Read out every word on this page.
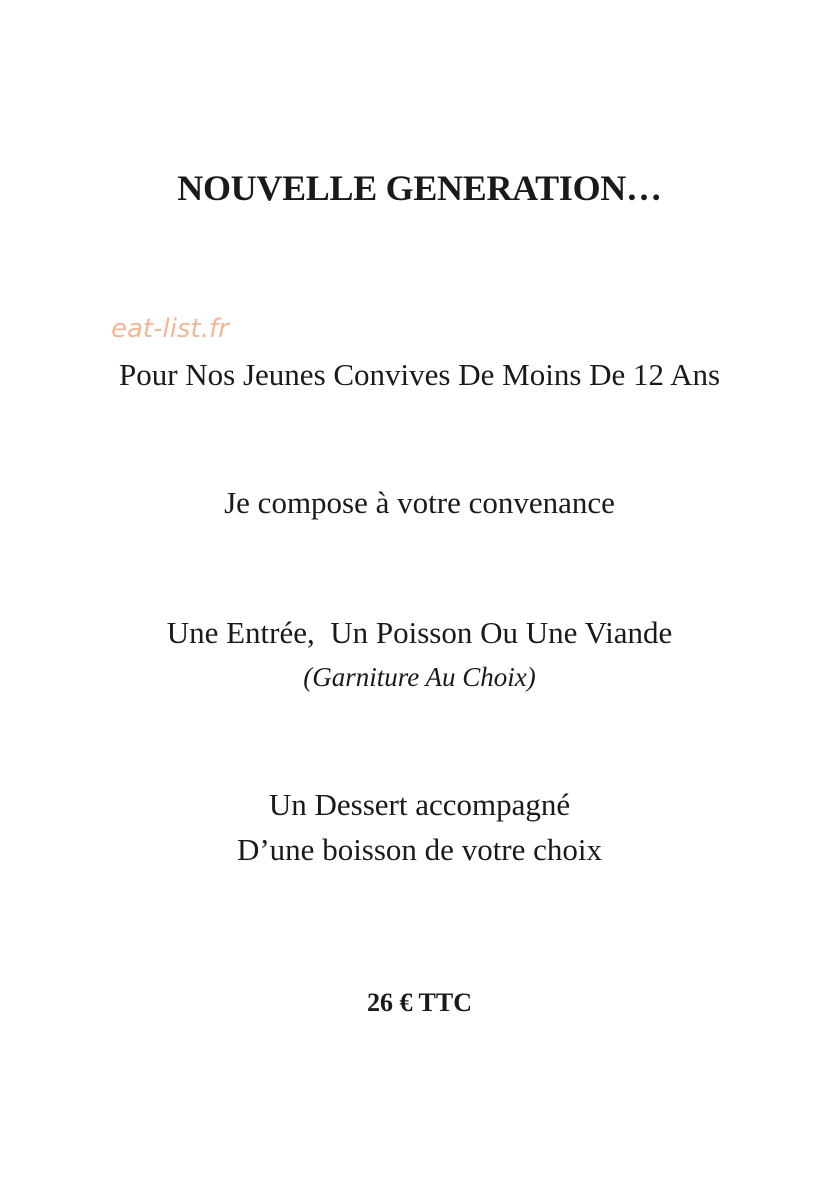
NOUVELLE GENERATION…
eat-list.fr
Pour Nos Jeunes Convives De Moins De 12 Ans
Je compose à votre convenance
Une Entrée,  Un Poisson Ou Une Viande
(Garniture Au Choix)
Un Dessert accompagné
D’une boisson de votre choix
26 € TTC
